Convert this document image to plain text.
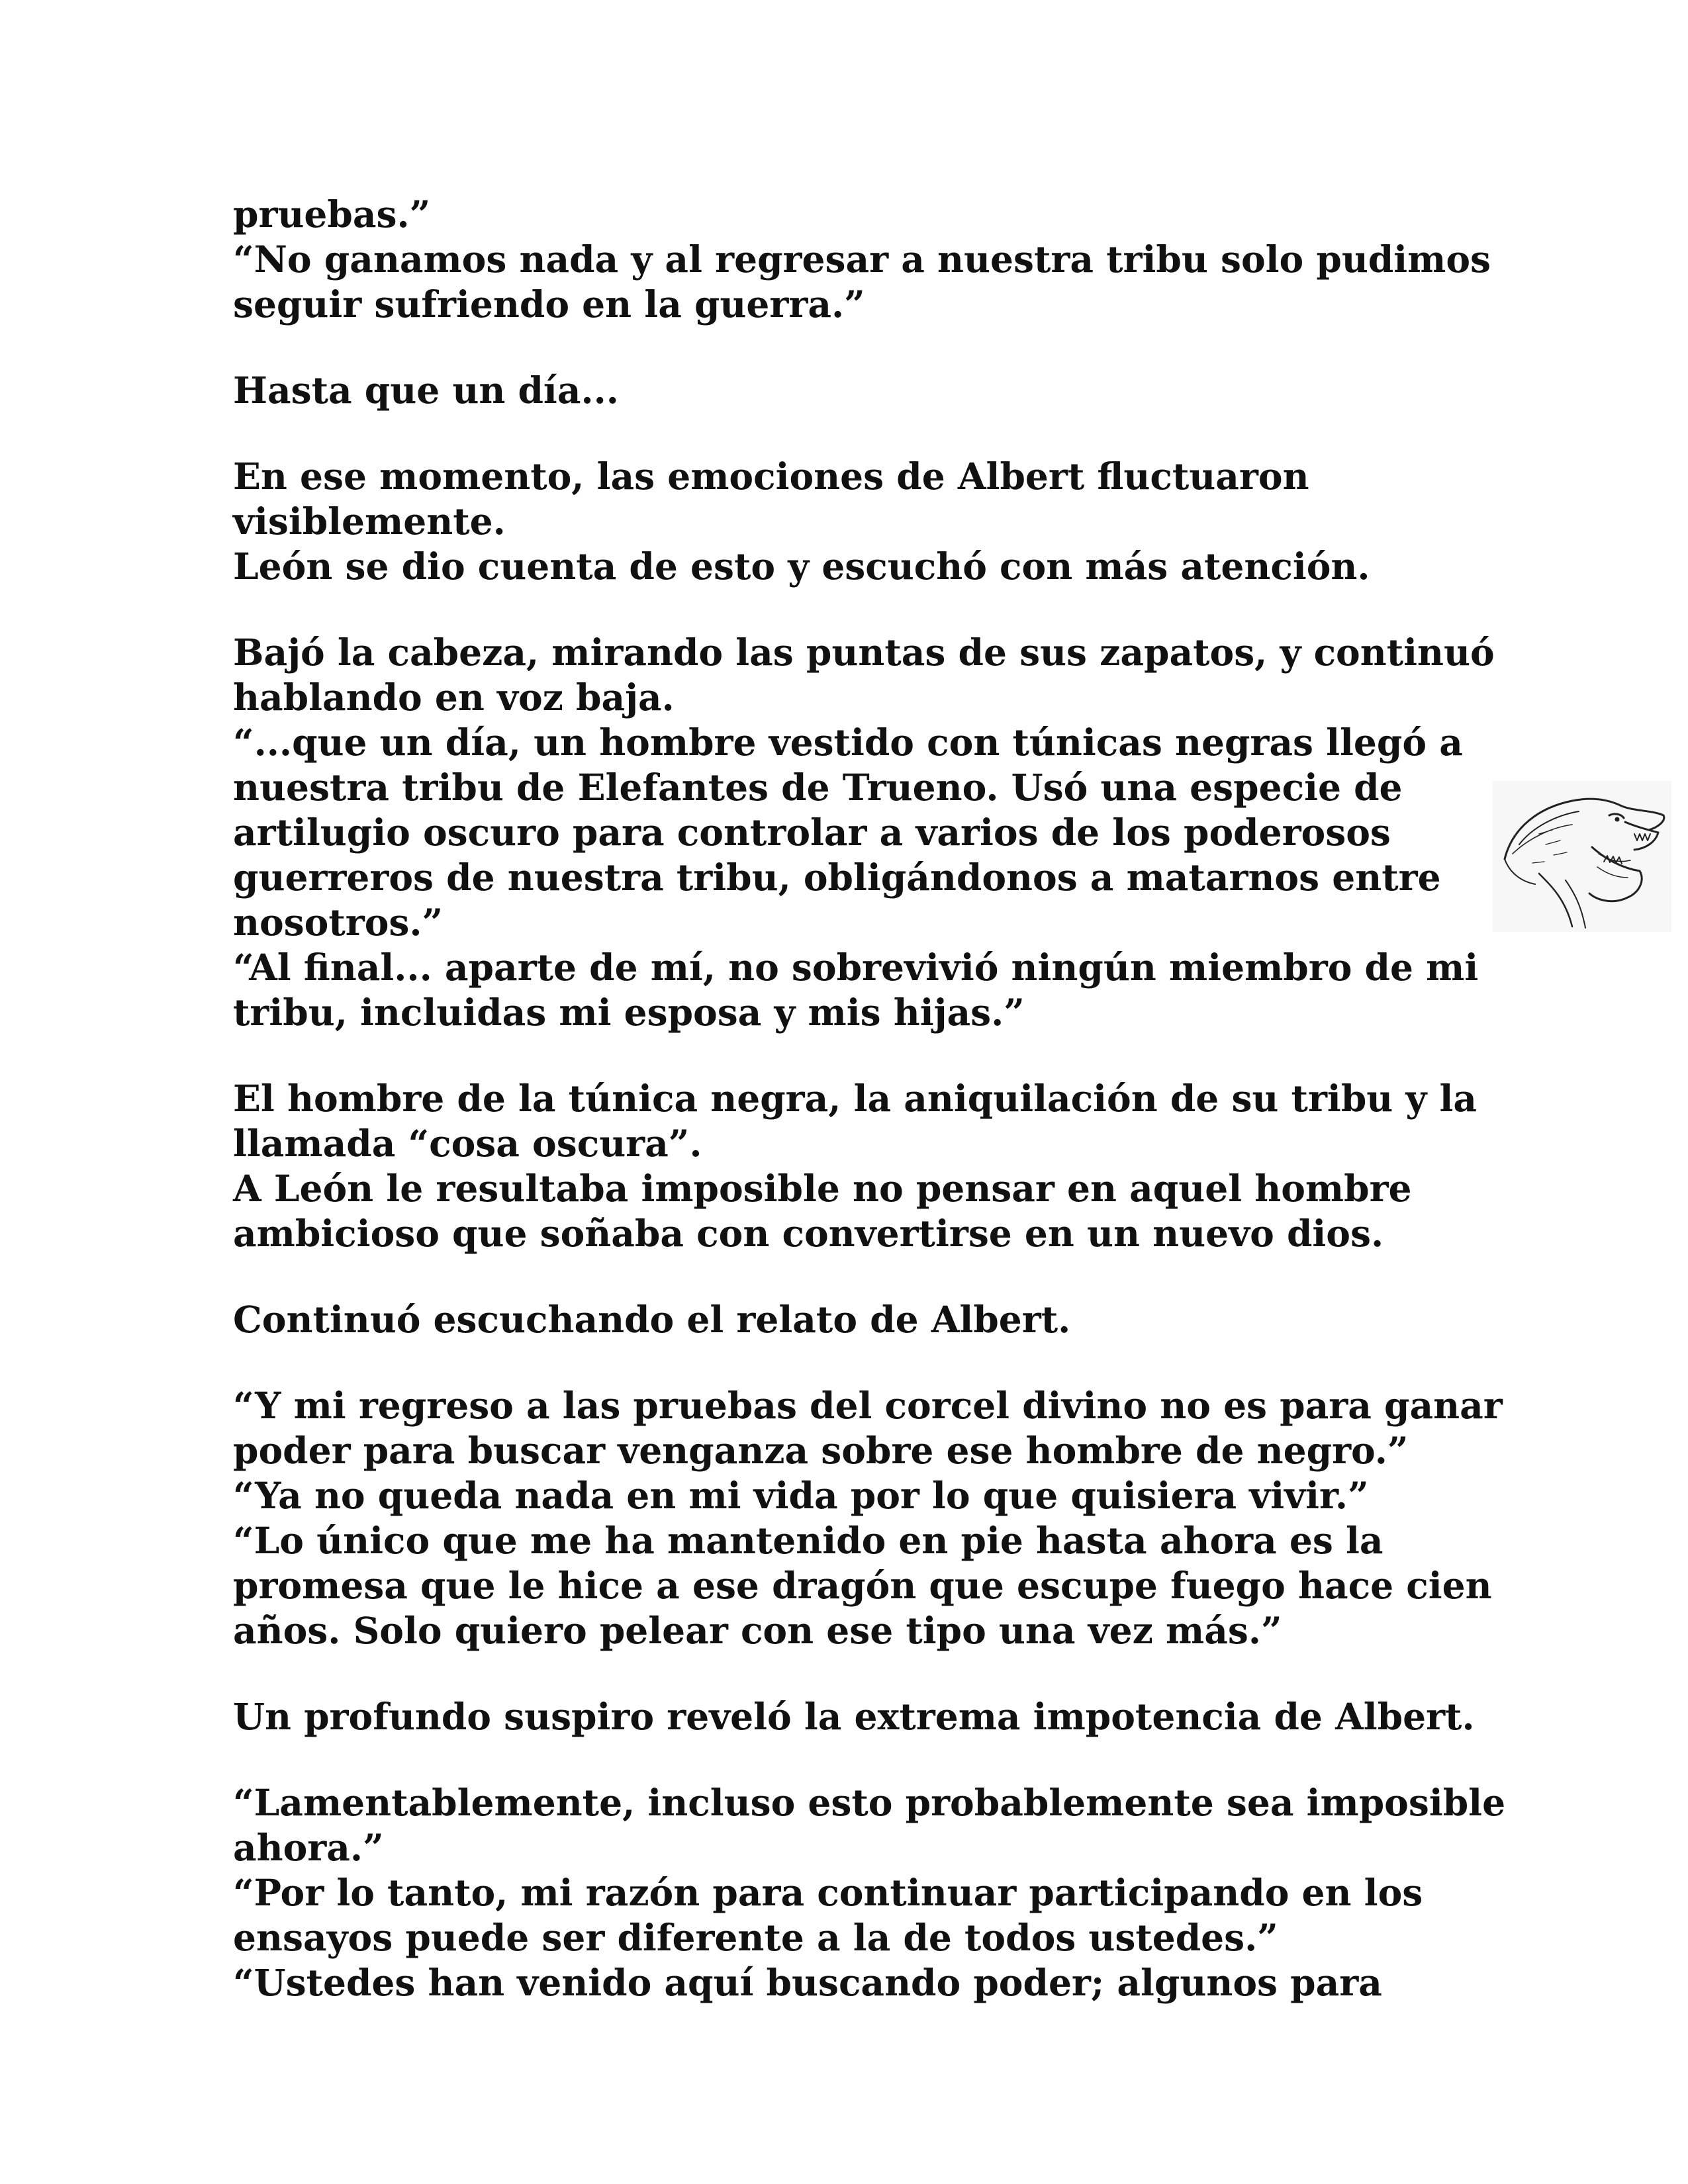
pruebas.”
“No ganamos nada y al regresar a nuestra tribu solo pudimos
seguir sufriendo en la guerra.”
Hasta que un día...
En ese momento, las emociones de Albert fluctuaron
visiblemente.
León se dio cuenta de esto y escuchó con más atención.
Bajó la cabeza, mirando las puntas de sus zapatos, y continuó
hablando en voz baja.
“...que un día, un hombre vestido con túnicas negras llegó a
nuestra tribu de Elefantes de Trueno. Usó una especie de
artilugio oscuro para controlar a varios de los poderosos
guerreros de nuestra tribu, obligándonos a matarnos entre
nosotros.”
“Al final... aparte de mí, no sobrevivió ningún miembro de mi
tribu, incluidas mi esposa y mis hijas.”
El hombre de la túnica negra, la aniquilación de su tribu y la
llamada “cosa oscura”.
A León le resultaba imposible no pensar en aquel hombre
ambicioso que soñaba con convertirse en un nuevo dios.
Continuó escuchando el relato de Albert.
“Y mi regreso a las pruebas del corcel divino no es para ganar
poder para buscar venganza sobre ese hombre de negro.”
“Ya no queda nada en mi vida por lo que quisiera vivir.”
“Lo único que me ha mantenido en pie hasta ahora es la
promesa que le hice a ese dragón que escupe fuego hace cien
años. Solo quiero pelear con ese tipo una vez más.”
Un profundo suspiro reveló la extrema impotencia de Albert.
“Lamentablemente, incluso esto probablemente sea imposible
ahora.”
“Por lo tanto, mi razón para continuar participando en los
ensayos puede ser diferente a la de todos ustedes.”
“Ustedes han venido aquí buscando poder; algunos para
